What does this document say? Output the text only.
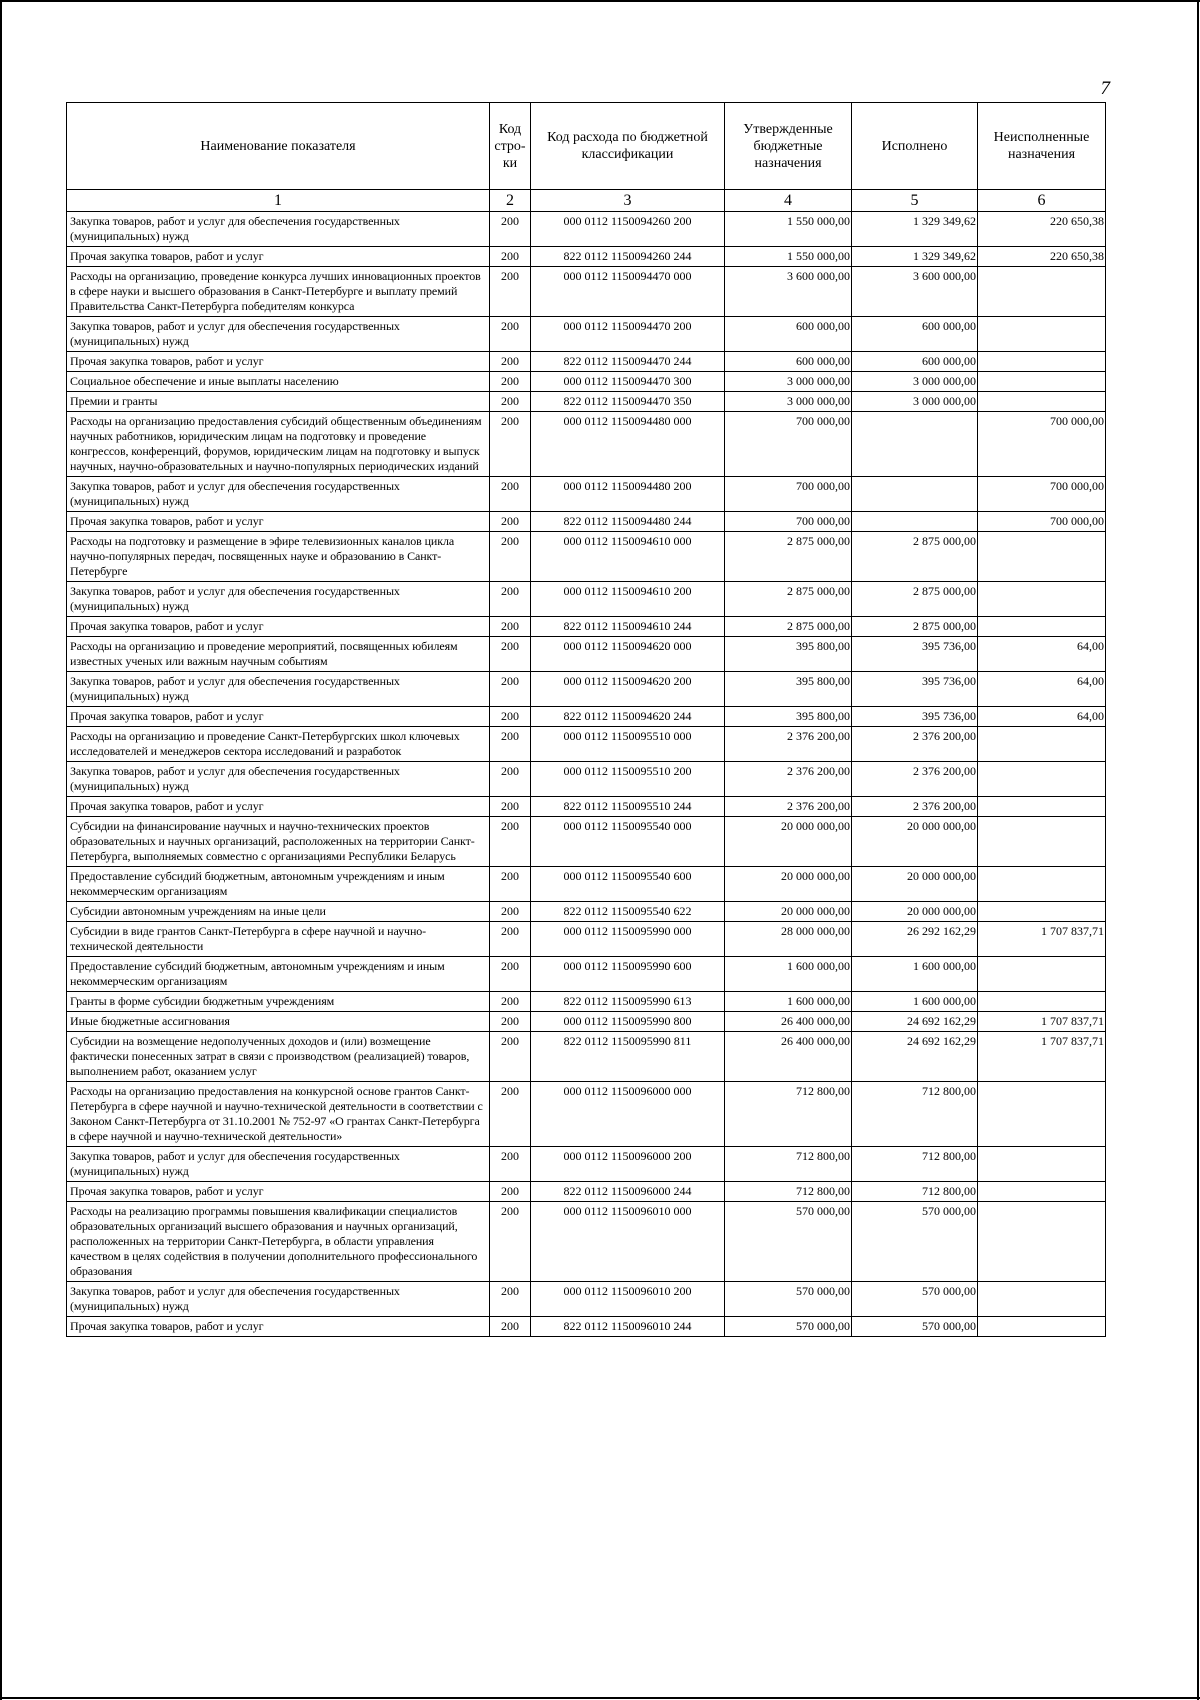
7
Наименование показателя	Код стро-ки	Код расхода по бюджетной классификации	Утвержденные бюджетные назначения	Исполнено	Неисполненные назначения
1	2	3	4	5	6
Закупка товаров, работ и услуг для обеспечения государственных (муниципальных) нужд	200	000 0112 1150094260 200	1 550 000,00	1 329 349,62	220 650,38
Прочая закупка товаров, работ и услуг	200	822 0112 1150094260 244	1 550 000,00	1 329 349,62	220 650,38
Расходы на организацию, проведение конкурса лучших инновационных проектов в сфере науки и высшего образования в Санкт-Петербурге и выплату премий Правительства Санкт-Петербурга победителям конкурса	200	000 0112 1150094470 000	3 600 000,00	3 600 000,00	
Закупка товаров, работ и услуг для обеспечения государственных (муниципальных) нужд	200	000 0112 1150094470 200	600 000,00	600 000,00	
Прочая закупка товаров, работ и услуг	200	822 0112 1150094470 244	600 000,00	600 000,00	
Социальное обеспечение и иные выплаты населению	200	000 0112 1150094470 300	3 000 000,00	3 000 000,00	
Премии и гранты	200	822 0112 1150094470 350	3 000 000,00	3 000 000,00	
Расходы на организацию предоставления субсидий общественным объединениям научных работников, юридическим лицам на подготовку и проведение конгрессов, конференций, форумов, юридическим лицам на подготовку и выпуск научных, научно-образовательных и научно-популярных периодических изданий	200	000 0112 1150094480 000	700 000,00		700 000,00
Закупка товаров, работ и услуг для обеспечения государственных (муниципальных) нужд	200	000 0112 1150094480 200	700 000,00		700 000,00
Прочая закупка товаров, работ и услуг	200	822 0112 1150094480 244	700 000,00		700 000,00
Расходы на подготовку и размещение в эфире телевизионных каналов цикла научно-популярных передач, посвященных науке и образованию в Санкт-Петербурге	200	000 0112 1150094610 000	2 875 000,00	2 875 000,00	
Закупка товаров, работ и услуг для обеспечения государственных (муниципальных) нужд	200	000 0112 1150094610 200	2 875 000,00	2 875 000,00	
Прочая закупка товаров, работ и услуг	200	822 0112 1150094610 244	2 875 000,00	2 875 000,00	
Расходы на организацию и проведение мероприятий, посвященных юбилеям известных ученых или важным научным событиям	200	000 0112 1150094620 000	395 800,00	395 736,00	64,00
Закупка товаров, работ и услуг для обеспечения государственных (муниципальных) нужд	200	000 0112 1150094620 200	395 800,00	395 736,00	64,00
Прочая закупка товаров, работ и услуг	200	822 0112 1150094620 244	395 800,00	395 736,00	64,00
Расходы на организацию и проведение Санкт-Петербургских школ ключевых исследователей и менеджеров сектора исследований и разработок	200	000 0112 1150095510 000	2 376 200,00	2 376 200,00	
Закупка товаров, работ и услуг для обеспечения государственных (муниципальных) нужд	200	000 0112 1150095510 200	2 376 200,00	2 376 200,00	
Прочая закупка товаров, работ и услуг	200	822 0112 1150095510 244	2 376 200,00	2 376 200,00	
Субсидии на финансирование научных и научно-технических проектов образовательных и научных организаций, расположенных на территории Санкт-Петербурга, выполняемых совместно с организациями Республики Беларусь	200	000 0112 1150095540 000	20 000 000,00	20 000 000,00	
Предоставление субсидий бюджетным, автономным учреждениям и иным некоммерческим организациям	200	000 0112 1150095540 600	20 000 000,00	20 000 000,00	
Субсидии автономным учреждениям на иные цели	200	822 0112 1150095540 622	20 000 000,00	20 000 000,00	
Субсидии в виде грантов Санкт-Петербурга в сфере научной и научно-технической деятельности	200	000 0112 1150095990 000	28 000 000,00	26 292 162,29	1 707 837,71
Предоставление субсидий бюджетным, автономным учреждениям и иным некоммерческим организациям	200	000 0112 1150095990 600	1 600 000,00	1 600 000,00	
Гранты в форме субсидии бюджетным учреждениям	200	822 0112 1150095990 613	1 600 000,00	1 600 000,00	
Иные бюджетные ассигнования	200	000 0112 1150095990 800	26 400 000,00	24 692 162,29	1 707 837,71
Субсидии на возмещение недополученных доходов и (или) возмещение фактически понесенных затрат в связи с производством (реализацией) товаров, выполнением работ, оказанием услуг	200	822 0112 1150095990 811	26 400 000,00	24 692 162,29	1 707 837,71
Расходы на организацию предоставления на конкурсной основе грантов Санкт-Петербурга в сфере научной и научно-технической деятельности в соответствии с Законом Санкт-Петербурга от 31.10.2001 № 752-97 «О грантах Санкт-Петербурга в сфере научной и научно-технической деятельности»	200	000 0112 1150096000 000	712 800,00	712 800,00	
Закупка товаров, работ и услуг для обеспечения государственных (муниципальных) нужд	200	000 0112 1150096000 200	712 800,00	712 800,00	
Прочая закупка товаров, работ и услуг	200	822 0112 1150096000 244	712 800,00	712 800,00	
Расходы на реализацию программы повышения квалификации специалистов образовательных организаций высшего образования и научных организаций, расположенных на территории Санкт-Петербурга, в области управления качеством в целях содействия в получении дополнительного профессионального образования	200	000 0112 1150096010 000	570 000,00	570 000,00	
Закупка товаров, работ и услуг для обеспечения государственных (муниципальных) нужд	200	000 0112 1150096010 200	570 000,00	570 000,00	
Прочая закупка товаров, работ и услуг	200	822 0112 1150096010 244	570 000,00	570 000,00	
